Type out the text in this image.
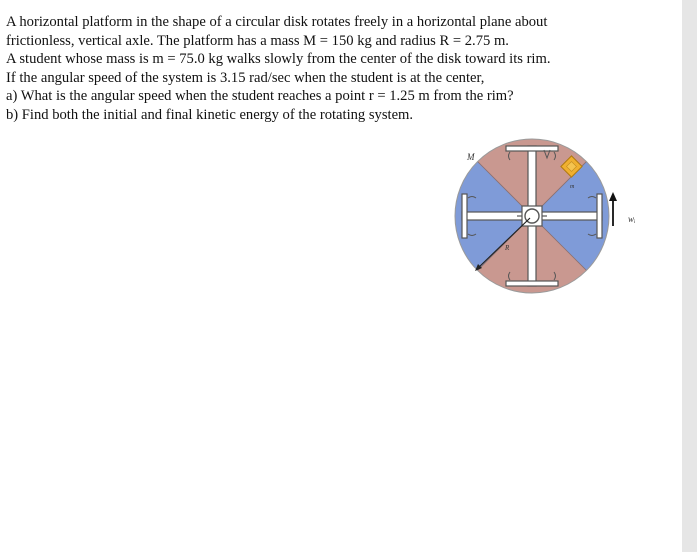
A horizontal platform in the shape of a circular disk rotates freely in a horizontal plane about
frictionless, vertical axle. The platform has a mass M = 150 kg and radius R = 2.75 m.
A student whose mass is m = 75.0 kg walks slowly from the center of the disk toward its rim.
If the angular speed of the system is 3.15 rad/sec when the student is at the center,
a) What is the angular speed when the student reaches a point r = 1.25 m from the rim?
b) Find both the initial and final kinetic energy of the rotating system.
M
m
R
wᵢ
